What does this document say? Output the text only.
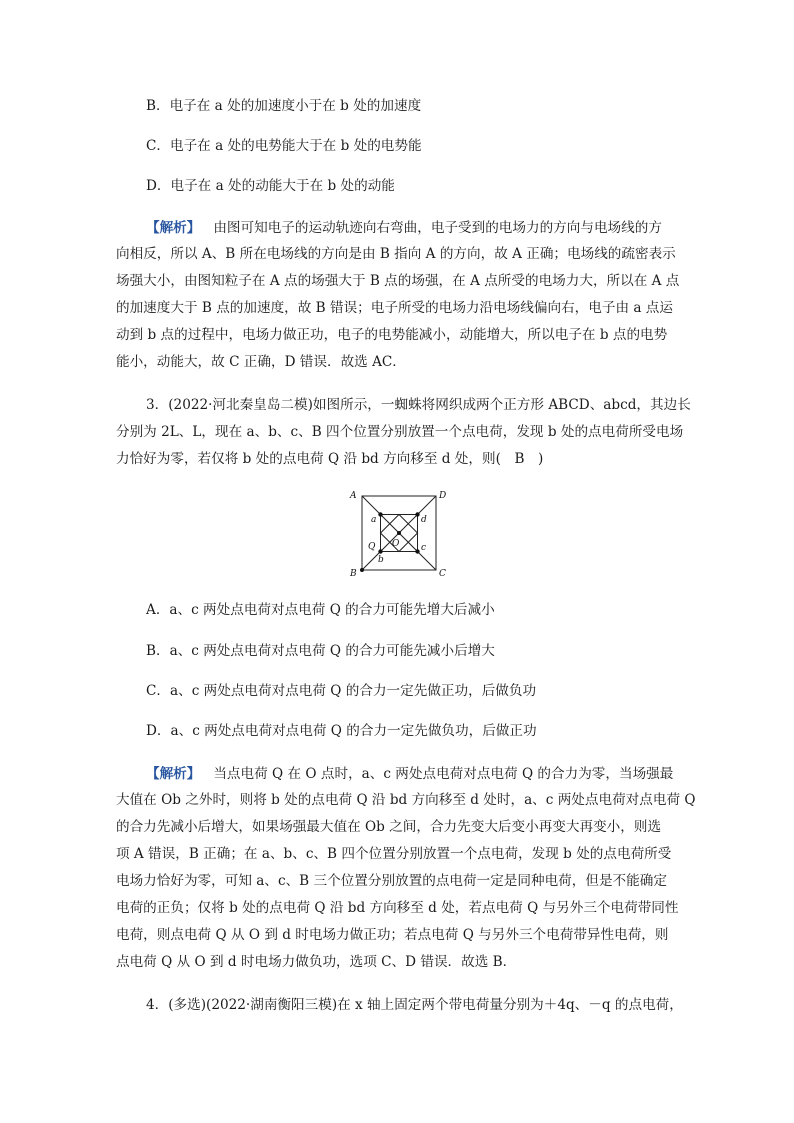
B．电子在 a 处的加速度小于在 b 处的加速度
C．电子在 a 处的电势能大于在 b 处的电势能
D．电子在 a 处的动能大于在 b 处的动能
【解析】 由图可知电子的运动轨迹向右弯曲，电子受到的电场力的方向与电场线的方
向相反，所以 A、B 所在电场线的方向是由 B 指向 A 的方向，故 A 正确；电场线的疏密表示
场强大小，由图知粒子在 A 点的场强大于 B 点的场强，在 A 点所受的电场力大，所以在 A 点
的加速度大于 B 点的加速度，故 B 错误；电子所受的电场力沿电场线偏向右，电子由 a 点运
动到 b 点的过程中，电场力做正功，电子的电势能减小，动能增大，所以电子在 b 点的电势
能小，动能大，故 C 正确，D 错误．故选 AC．
3．(2022·河北秦皇岛二模)如图所示，一蜘蛛将网织成两个正方形 ABCD、abcd，其边长
分别为 2L、L，现在 a、b、c、B 四个位置分别放置一个点电荷，发现 b 处的点电荷所受电场
力恰好为零，若仅将 b 处的点电荷 Q 沿 bd 方向移至 d 处，则(　B　)
A	D
B	C
a	d
c
b
O
Q
A．a、c 两处点电荷对点电荷 Q 的合力可能先增大后减小
B．a、c 两处点电荷对点电荷 Q 的合力可能先减小后增大
C．a、c 两处点电荷对点电荷 Q 的合力一定先做正功，后做负功
D．a、c 两处点电荷对点电荷 Q 的合力一定先做负功，后做正功
【解析】 当点电荷 Q 在 O 点时，a、c 两处点电荷对点电荷 Q 的合力为零，当场强最
大值在 Ob 之外时，则将 b 处的点电荷 Q 沿 bd 方向移至 d 处时，a、c 两处点电荷对点电荷 Q
的合力先减小后增大，如果场强最大值在 Ob 之间，合力先变大后变小再变大再变小，则选
项 A 错误，B 正确；在 a、b、c、B 四个位置分别放置一个点电荷，发现 b 处的点电荷所受
电场力恰好为零，可知 a、c、B 三个位置分别放置的点电荷一定是同种电荷，但是不能确定
电荷的正负；仅将 b 处的点电荷 Q 沿 bd 方向移至 d 处，若点电荷 Q 与另外三个电荷带同性
电荷，则点电荷 Q 从 O 到 d 时电场力做正功；若点电荷 Q 与另外三个电荷带异性电荷，则
点电荷 Q 从 O 到 d 时电场力做负功，选项 C、D 错误．故选 B．
4．(多选)(2022·湖南衡阳三模)在 x 轴上固定两个带电荷量分别为＋4q、－q 的点电荷，
